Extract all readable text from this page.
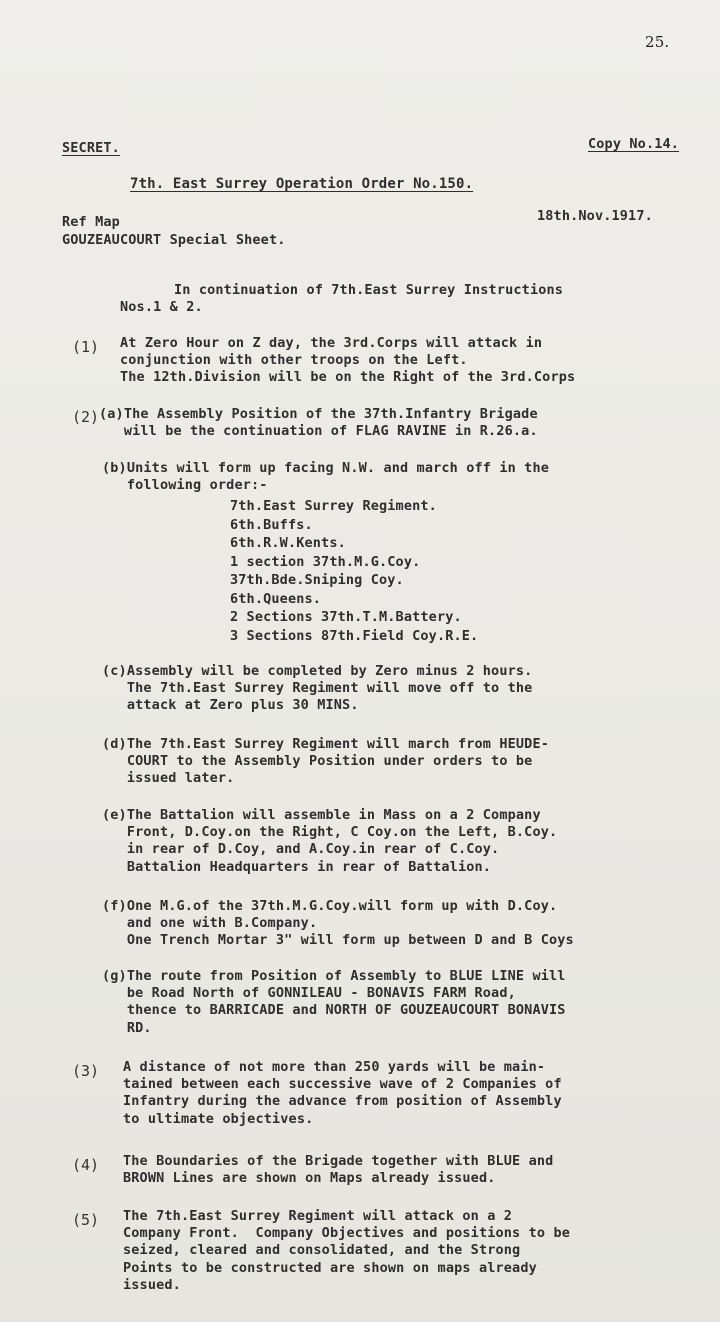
25.
SECRET.	Copy No.14.
7th. East Surrey Operation Order No.150.
Ref Map	18th.Nov.1917.
GOUZEAUCOURT Special Sheet.
In continuation of 7th.East Surrey Instructions
Nos.1 & 2.
(1) At Zero Hour on Z day, the 3rd.Corps will attack in
conjunction with other troops on the Left.
The 12th.Division will be on the Right of the 3rd.Corps
(2) (a)The Assembly Position of the 37th.Infantry Brigade
will be the continuation of FLAG RAVINE in R.26.a.
(b)Units will form up facing N.W. and march off in the
following order:-
7th.East Surrey Regiment.
6th.Buffs.
6th.R.W.Kents.
1 section 37th.M.G.Coy.
37th.Bde.Sniping Coy.
6th.Queens.
2 Sections 37th.T.M.Battery.
3 Sections 87th.Field Coy.R.E.
(c)Assembly will be completed by Zero minus 2 hours.
The 7th.East Surrey Regiment will move off to the
attack at Zero plus 30 MINS.
(d)The 7th.East Surrey Regiment will march from HEUDE-
COURT to the Assembly Position under orders to be
issued later.
(e)The Battalion will assemble in Mass on a 2 Company
Front, D.Coy.on the Right, C Coy.on the Left, B.Coy.
in rear of D.Coy, and A.Coy.in rear of C.Coy.
Battalion Headquarters in rear of Battalion.
(f)One M.G.of the 37th.M.G.Coy.will form up with D.Coy.
and one with B.Company.
One Trench Mortar 3" will form up between D and B Coys
(g)The route from Position of Assembly to BLUE LINE will
be Road North of GONNILEAU - BONAVIS FARM Road,
thence to BARRICADE and NORTH OF GOUZEAUCOURT BONAVIS
RD.
(3) A distance of not more than 250 yards will be main-
tained between each successive wave of 2 Companies of
Infantry during the advance from position of Assembly
to ultimate objectives.
(4) The Boundaries of the Brigade together with BLUE and
BROWN Lines are shown on Maps already issued.
(5) The 7th.East Surrey Regiment will attack on a 2
Company Front.  Company Objectives and positions to be
seized, cleared and consolidated, and the Strong
Points to be constructed are shown on maps already
issued.
